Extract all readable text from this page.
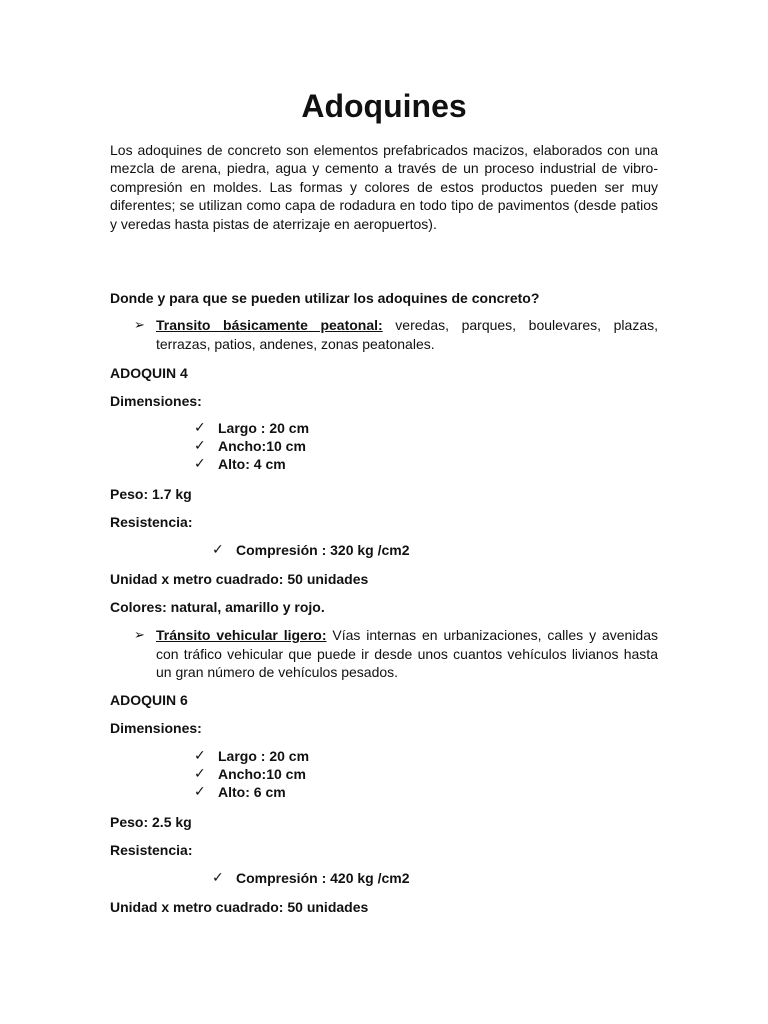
Adoquines

Los adoquines de concreto son elementos prefabricados macizos, elaborados con una mezcla de arena, piedra, agua y cemento a través de un proceso industrial de vibro-compresión en moldes. Las formas y colores de estos productos pueden ser muy diferentes; se utilizan como capa de rodadura en todo tipo de pavimentos (desde patios y veredas hasta pistas de aterrizaje en aeropuertos).

Donde y para que se pueden utilizar los adoquines de concreto?

➢ Transito básicamente peatonal: veredas, parques, boulevares, plazas, terrazas, patios, andenes, zonas peatonales.

ADOQUIN 4

Dimensiones:

✓ Largo : 20 cm
✓ Ancho:10 cm
✓ Alto: 4 cm

Peso: 1.7 kg

Resistencia:

✓ Compresión : 320 kg /cm2

Unidad x metro cuadrado: 50 unidades

Colores: natural, amarillo y rojo.

➢ Tránsito vehicular ligero: Vías internas en urbanizaciones, calles y avenidas con tráfico vehicular que puede ir desde unos cuantos vehículos livianos hasta un gran número de vehículos pesados.

ADOQUIN 6

Dimensiones:

✓ Largo : 20 cm
✓ Ancho:10 cm
✓ Alto: 6 cm

Peso: 2.5 kg

Resistencia:

✓ Compresión : 420 kg /cm2

Unidad x metro cuadrado: 50 unidades
